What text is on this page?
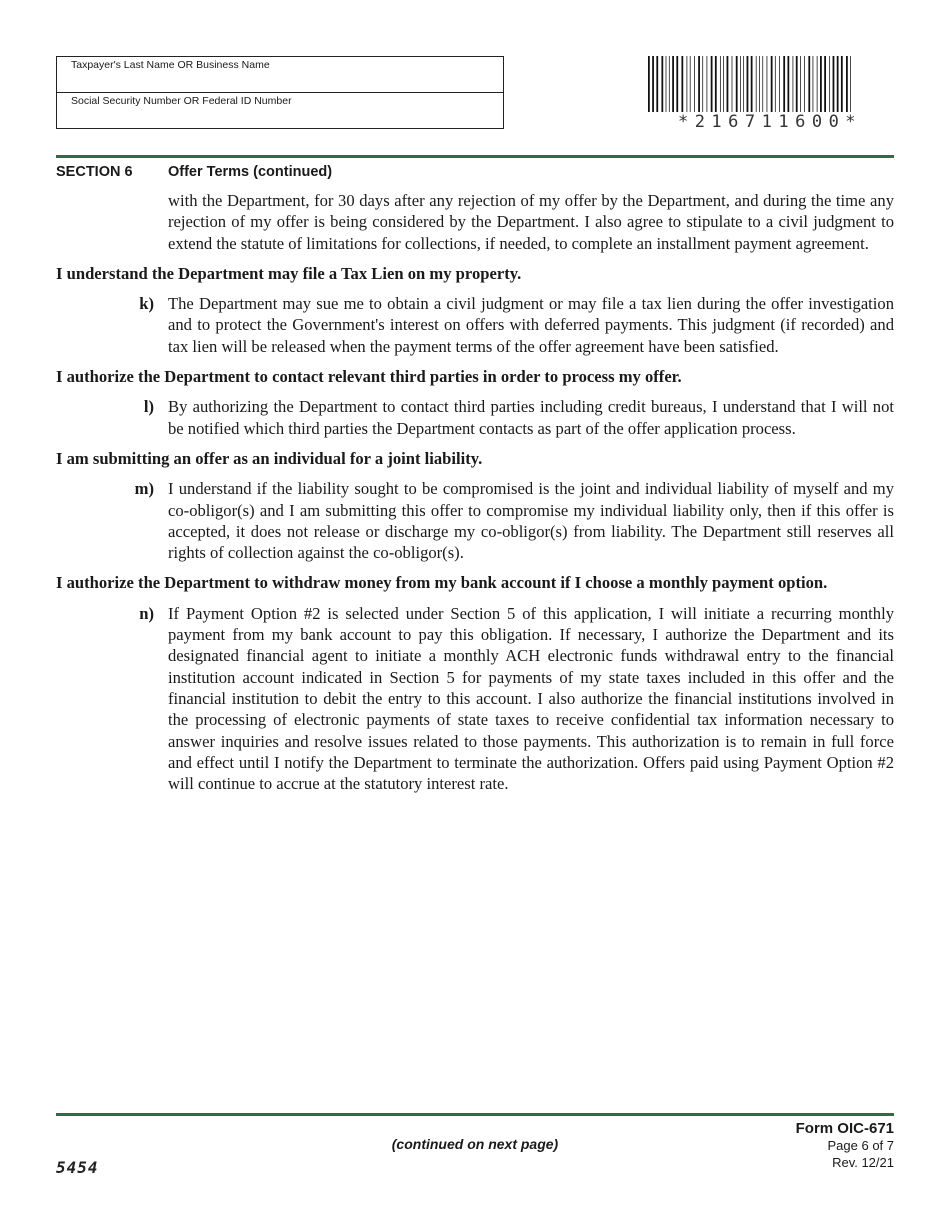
Taxpayer's Last Name OR Business Name
Social Security Number OR Federal ID Number
*216711600*
SECTION 6 Offer Terms (continued)

with the Department, for 30 days after any rejection of my offer by the Department, and during the time any rejection of my offer is being considered by the Department. I also agree to stipulate to a civil judgment to extend the statute of limitations for collections, if needed, to complete an installment payment agreement.

I understand the Department may file a Tax Lien on my property.

k) The Department may sue me to obtain a civil judgment or may file a tax lien during the offer investigation and to protect the Government's interest on offers with deferred payments. This judgment (if recorded) and tax lien will be released when the payment terms of the offer agreement have been satisfied.

I authorize the Department to contact relevant third parties in order to process my offer.

l) By authorizing the Department to contact third parties including credit bureaus, I understand that I will not be notified which third parties the Department contacts as part of the offer application process.

I am submitting an offer as an individual for a joint liability.

m) I understand if the liability sought to be compromised is the joint and individual liability of myself and my co-obligor(s) and I am submitting this offer to compromise my individual liability only, then if this offer is accepted, it does not release or discharge my co-obligor(s) from liability. The Department still reserves all rights of collection against the co-obligor(s).

I authorize the Department to withdraw money from my bank account if I choose a monthly payment option.

n) If Payment Option #2 is selected under Section 5 of this application, I will initiate a recurring monthly payment from my bank account to pay this obligation. If necessary, I authorize the Department and its designated financial agent to initiate a monthly ACH electronic funds withdrawal entry to the financial institution account indicated in Section 5 for payments of my state taxes included in this offer and the financial institution to debit the entry to this account. I also authorize the financial institutions involved in the processing of electronic payments of state taxes to receive confidential tax information necessary to answer inquiries and resolve issues related to those payments. This authorization is to remain in full force and effect until I notify the Department to terminate the authorization. Offers paid using Payment Option #2 will continue to accrue at the statutory interest rate.
(continued on next page)
5454
Form OIC-671
Page 6 of 7
Rev. 12/21
